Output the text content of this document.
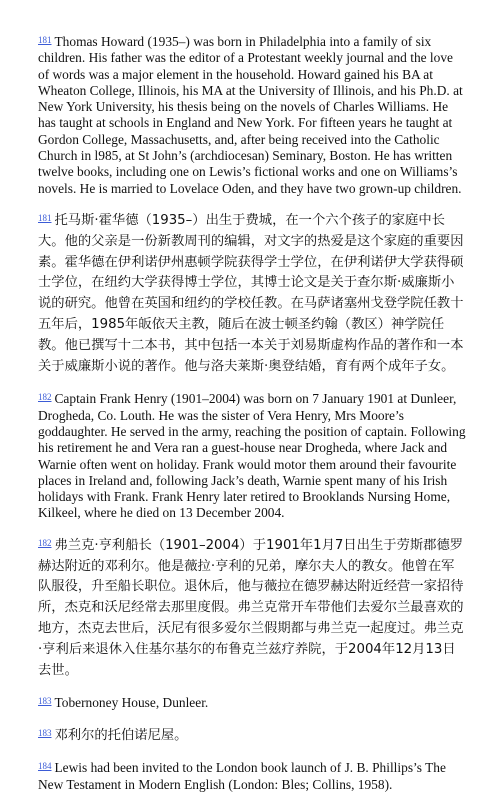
$^{181}$ Thomas Howard (1935–) was born in Philadelphia into a family of six children. His father was the editor of a Protestant weekly journal and the love of words was a major element in the household. Howard gained his BA at Wheaton College, Illinois, his MA at the University of Illinois, and his Ph.D. at New York University, his thesis being on the novels of Charles Williams. He has taught at schools in England and New York. For fifteen years he taught at Gordon College, Massachusetts, and, after being received into the Catholic Church in l985, at St John’s (archdiocesan) Seminary, Boston. He has written twelve books, including one on Lewis’s fictional works and one on Williams’s novels. He is married to Lovelace Oden, and they have two grown-up children.

$^{181}$ 托马斯·霍华德（1935–）出生于费城，在一个六个孩子的家庭中长大。他的父亲是一份新教周刊的编辑，对文字的热爱是这个家庭的重要因素。霍华德在伊利诺伊州惠顿学院获得学士学位，在伊利诺伊大学获得硕士学位，在纽约大学获得博士学位，其博士论文是关于查尔斯·威廉斯小说的研究。他曾在英国和纽约的学校任教。在马萨诸塞州戈登学院任教十五年后，1985年皈依天主教，随后在波士顿圣约翰（教区）神学院任教。他已撰写十二本书，其中包括一本关于刘易斯虚构作品的著作和一本关于威廉斯小说的著作。他与洛夫莱斯·奥登结婚，育有两个成年子女。

$^{182}$ Captain Frank Henry (1901–2004) was born on 7 January 1901 at Dunleer, Drogheda, Co. Louth. He was the sister of Vera Henry, Mrs Moore’s goddaughter. He served in the army, reaching the position of captain. Following his retirement he and Vera ran a guest-house near Drogheda, where Jack and Warnie often went on holiday. Frank would motor them around their favourite places in Ireland and, following Jack’s death, Warnie spent many of his Irish holidays with Frank. Frank Henry later retired to Brooklands Nursing Home, Kilkeel, where he died on 13 December 2004.

$^{182}$ 弗兰克·亨利船长（1901–2004）于1901年1月7日出生于劳斯郡德罗赫达附近的邓利尔。他是薇拉·亨利的兄弟，摩尔夫人的教女。他曾在军队服役，升至船长职位。退休后，他与薇拉在德罗赫达附近经营一家招待所，杰克和沃尼经常去那里度假。弗兰克常开车带他们去爱尔兰最喜欢的地方，杰克去世后，沃尼有很多爱尔兰假期都与弗兰克一起度过。弗兰克·亨利后来退休入住基尔基尔的布鲁克兰兹疗养院，于2004年12月13日去世。

$^{183}$ Tobernoney House, Dunleer.

$^{183}$ 邓利尔的托伯诺尼屋。

$^{184}$ Lewis had been invited to the London book launch of J. B. Phillips’s The New Testament in Modern English (London: Bles; Collins, 1958).
